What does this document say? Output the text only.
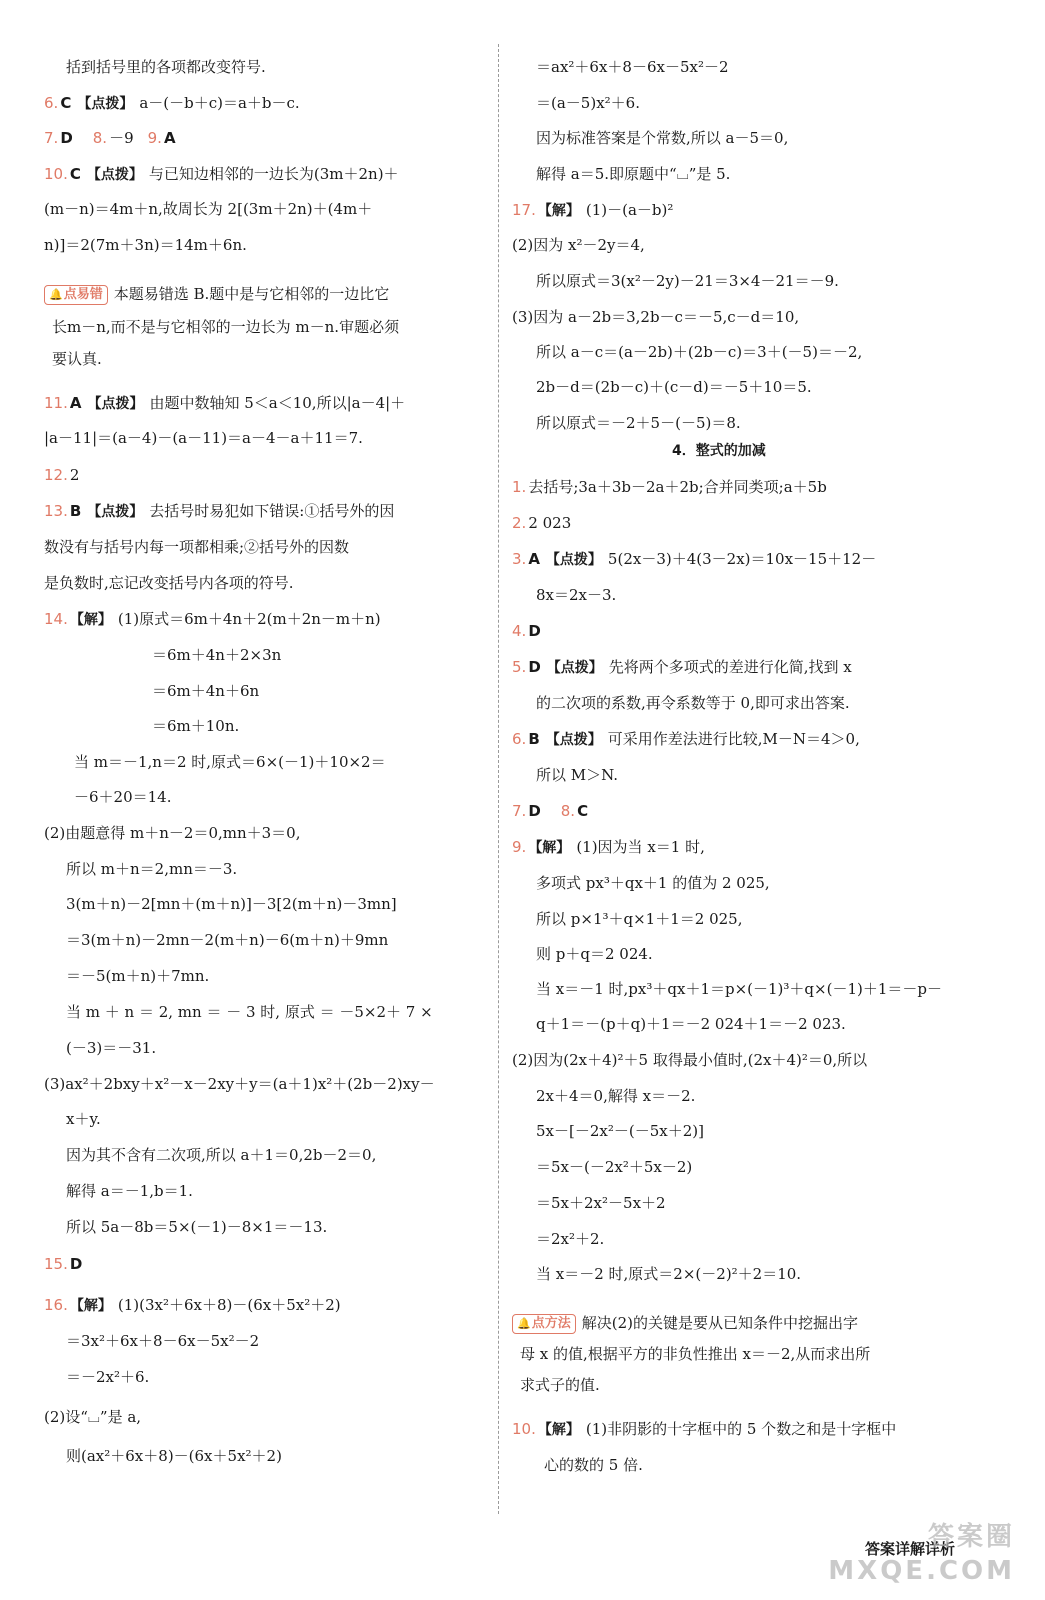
括到括号里的各项都改变符号.
6. C 【点拨】 a－(－b＋c)＝a＋b－c.
7. D 8. －9 9. A
10. C 【点拨】 与已知边相邻的一边长为(3m＋2n)＋
(m－n)＝4m＋n,故周长为 2[(3m＋2n)＋(4m＋
n)]＝2(7m＋3n)＝14m＋6n.
🔔点易错 本题易错选 B.题中是与它相邻的一边比它
长m－n,而不是与它相邻的一边长为 m－n.审题必须
要认真.
11. A 【点拨】 由题中数轴知 5＜a＜10,所以|a－4|＋
|a－11|＝(a－4)－(a－11)＝a－4－a＋11＝7.
12. 2
13. B 【点拨】 去括号时易犯如下错误:①括号外的因
数没有与括号内每一项都相乘;②括号外的因数
是负数时,忘记改变括号内各项的符号.
14. 【解】 (1)原式＝6m＋4n＋2(m＋2n－m＋n)
＝6m＋4n＋2×3n
＝6m＋4n＋6n
＝6m＋10n.
当 m＝－1,n＝2 时,原式＝6×(－1)＋10×2＝
－6＋20＝14.
(2)由题意得 m＋n－2＝0,mn＋3＝0,
所以 m＋n＝2,mn＝－3.
3(m＋n)－2[mn＋(m＋n)]－3[2(m＋n)－3mn]
＝3(m＋n)－2mn－2(m＋n)－6(m＋n)＋9mn
＝－5(m＋n)＋7mn.
当 m ＋ n ＝ 2, mn ＝ － 3 时, 原式 ＝ －5×2＋ 7 ×
(－3)＝－31.
(3)ax²＋2bxy＋x²－x－2xy＋y＝(a＋1)x²＋(2b－2)xy－
x＋y.
因为其不含有二次项,所以 a＋1＝0,2b－2＝0,
解得 a＝－1,b＝1.
所以 5a－8b＝5×(－1)－8×1＝－13.
15. D
16. 【解】 (1)(3x²＋6x＋8)－(6x＋5x²＋2)
＝3x²＋6x＋8－6x－5x²－2
＝－2x²＋6.
(2)设“⌴”是 a,
则(ax²＋6x＋8)－(6x＋5x²＋2)
＝ax²＋6x＋8－6x－5x²－2
＝(a－5)x²＋6.
因为标准答案是个常数,所以 a－5＝0,
解得 a＝5.即原题中“⌴”是 5.
17. 【解】 (1)－(a－b)²
(2)因为 x²－2y＝4,
所以原式＝3(x²－2y)－21＝3×4－21＝－9.
(3)因为 a－2b＝3,2b－c＝－5,c－d＝10,
所以 a－c＝(a－2b)＋(2b－c)＝3＋(－5)＝－2,
2b－d＝(2b－c)＋(c－d)＝－5＋10＝5.
所以原式＝－2＋5－(－5)＝8.
1. 去括号;3a＋3b－2a＋2b;合并同类项;a＋5b
2. 2 023
3. A 【点拨】 5(2x－3)＋4(3－2x)＝10x－15＋12－
8x＝2x－3.
4. D
5. D 【点拨】 先将两个多项式的差进行化简,找到 x
的二次项的系数,再令系数等于 0,即可求出答案.
6. B 【点拨】 可采用作差法进行比较,M－N＝4＞0,
所以 M＞N.
7. D 8. C
9. 【解】 (1)因为当 x＝1 时,
多项式 px³＋qx＋1 的值为 2 025,
所以 p×1³＋q×1＋1＝2 025,
则 p＋q＝2 024.
当 x＝－1 时,px³＋qx＋1＝p×(－1)³＋q×(－1)＋1＝－p－
q＋1＝－(p＋q)＋1＝－2 024＋1＝－2 023.
(2)因为(2x＋4)²＋5 取得最小值时,(2x＋4)²＝0,所以
2x＋4＝0,解得 x＝－2.
5x－[－2x²－(－5x＋2)]
＝5x－(－2x²＋5x－2)
＝5x＋2x²－5x＋2
＝2x²＋2.
当 x＝－2 时,原式＝2×(－2)²＋2＝10.
🔔点方法 解决(2)的关键是要从已知条件中挖掘出字
母 x 的值,根据平方的非负性推出 x＝－2,从而求出所
求式子的值.
10. 【解】 (1)非阴影的十字框中的 5 个数之和是十字框中
心的数的 5 倍.
4．整式的加减
答案详解详析
答案圈
MXQE.COM
